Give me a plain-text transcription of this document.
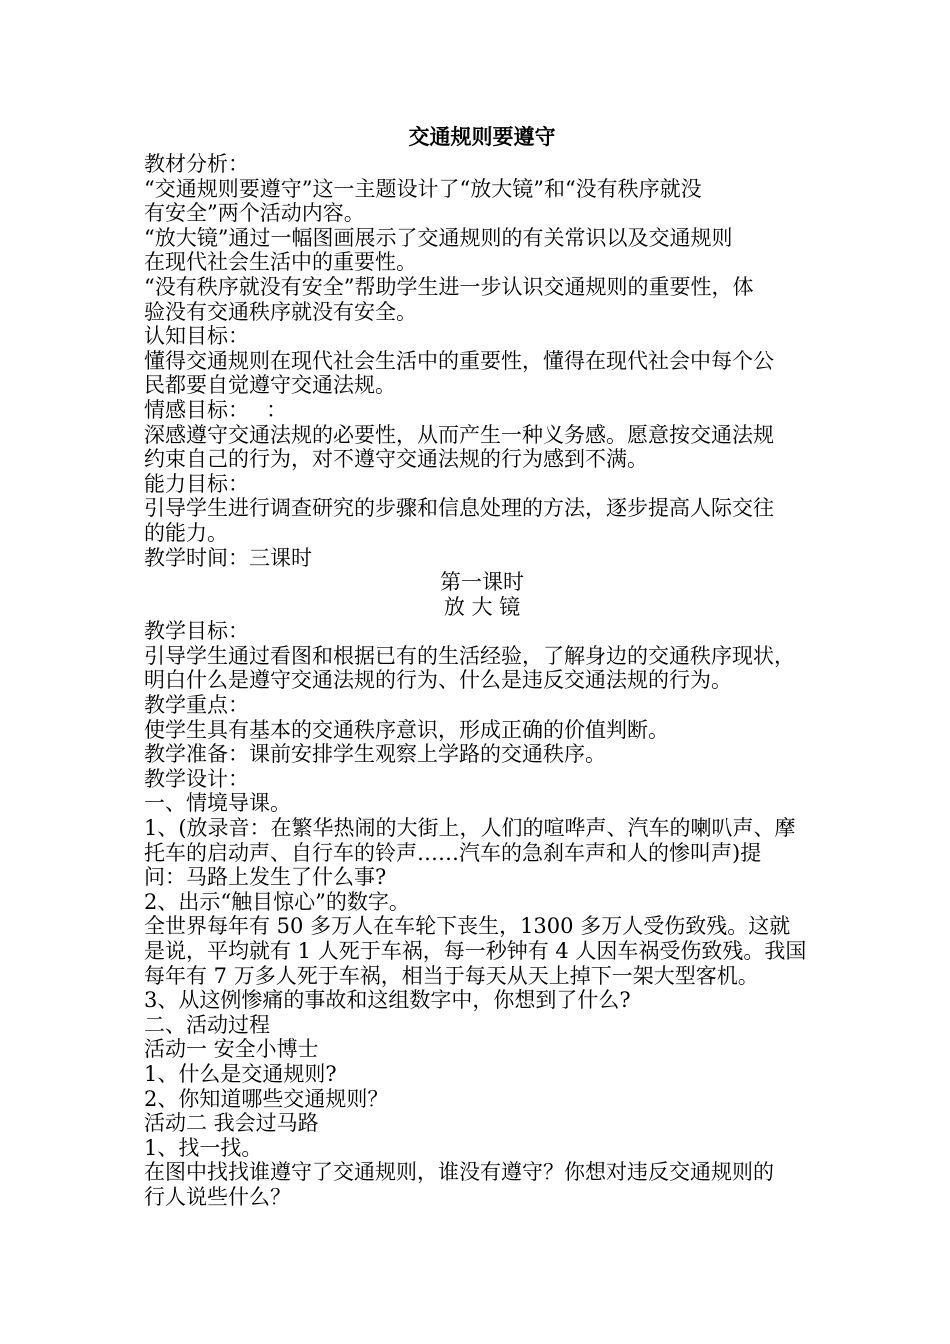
交通规则要遵守
教材分析：
“交通规则要遵守”这一主题设计了“放大镜”和“没有秩序就没
有安全”两个活动内容。
“放大镜”通过一幅图画展示了交通规则的有关常识以及交通规则
在现代社会生活中的重要性。
“没有秩序就没有安全”帮助学生进一步认识交通规则的重要性，体
验没有交通秩序就没有安全。
认知目标：
懂得交通规则在现代社会生活中的重要性，懂得在现代社会中每个公
民都要自觉遵守交通法规。
情感目标：　 ：
深感遵守交通法规的必要性，从而产生一种义务感。愿意按交通法规
约束自己的行为，对不遵守交通法规的行为感到不满。
能力目标：
引导学生进行调查研究的步骤和信息处理的方法，逐步提高人际交往
的能力。
教学时间：三课时
第一课时
放 大 镜
教学目标：
引导学生通过看图和根据已有的生活经验，了解身边的交通秩序现状，
明白什么是遵守交通法规的行为、什么是违反交通法规的行为。
教学重点：
使学生具有基本的交通秩序意识，形成正确的价值判断。
教学准备：课前安排学生观察上学路的交通秩序。
教学设计：
一、情境导课。
1、(放录音：在繁华热闹的大街上，人们的喧哗声、汽车的喇叭声、摩
托车的启动声、自行车的铃声……汽车的急刹车声和人的惨叫声)提
问：马路上发生了什么事?
2、出示“触目惊心”的数字。
全世界每年有 50 多万人在车轮下丧生，1300 多万人受伤致残。这就
是说，平均就有 1 人死于车祸，每一秒钟有 4 人因车祸受伤致残。我国
每年有 7 万多人死于车祸，相当于每天从天上掉下一架大型客机。
3、从这例惨痛的事故和这组数字中，你想到了什么?
二、活动过程
活动一 安全小博士
1、什么是交通规则?
2、你知道哪些交通规则？
活动二 我会过马路
1、找一找。
在图中找找谁遵守了交通规则，谁没有遵守？你想对违反交通规则的
行人说些什么？
